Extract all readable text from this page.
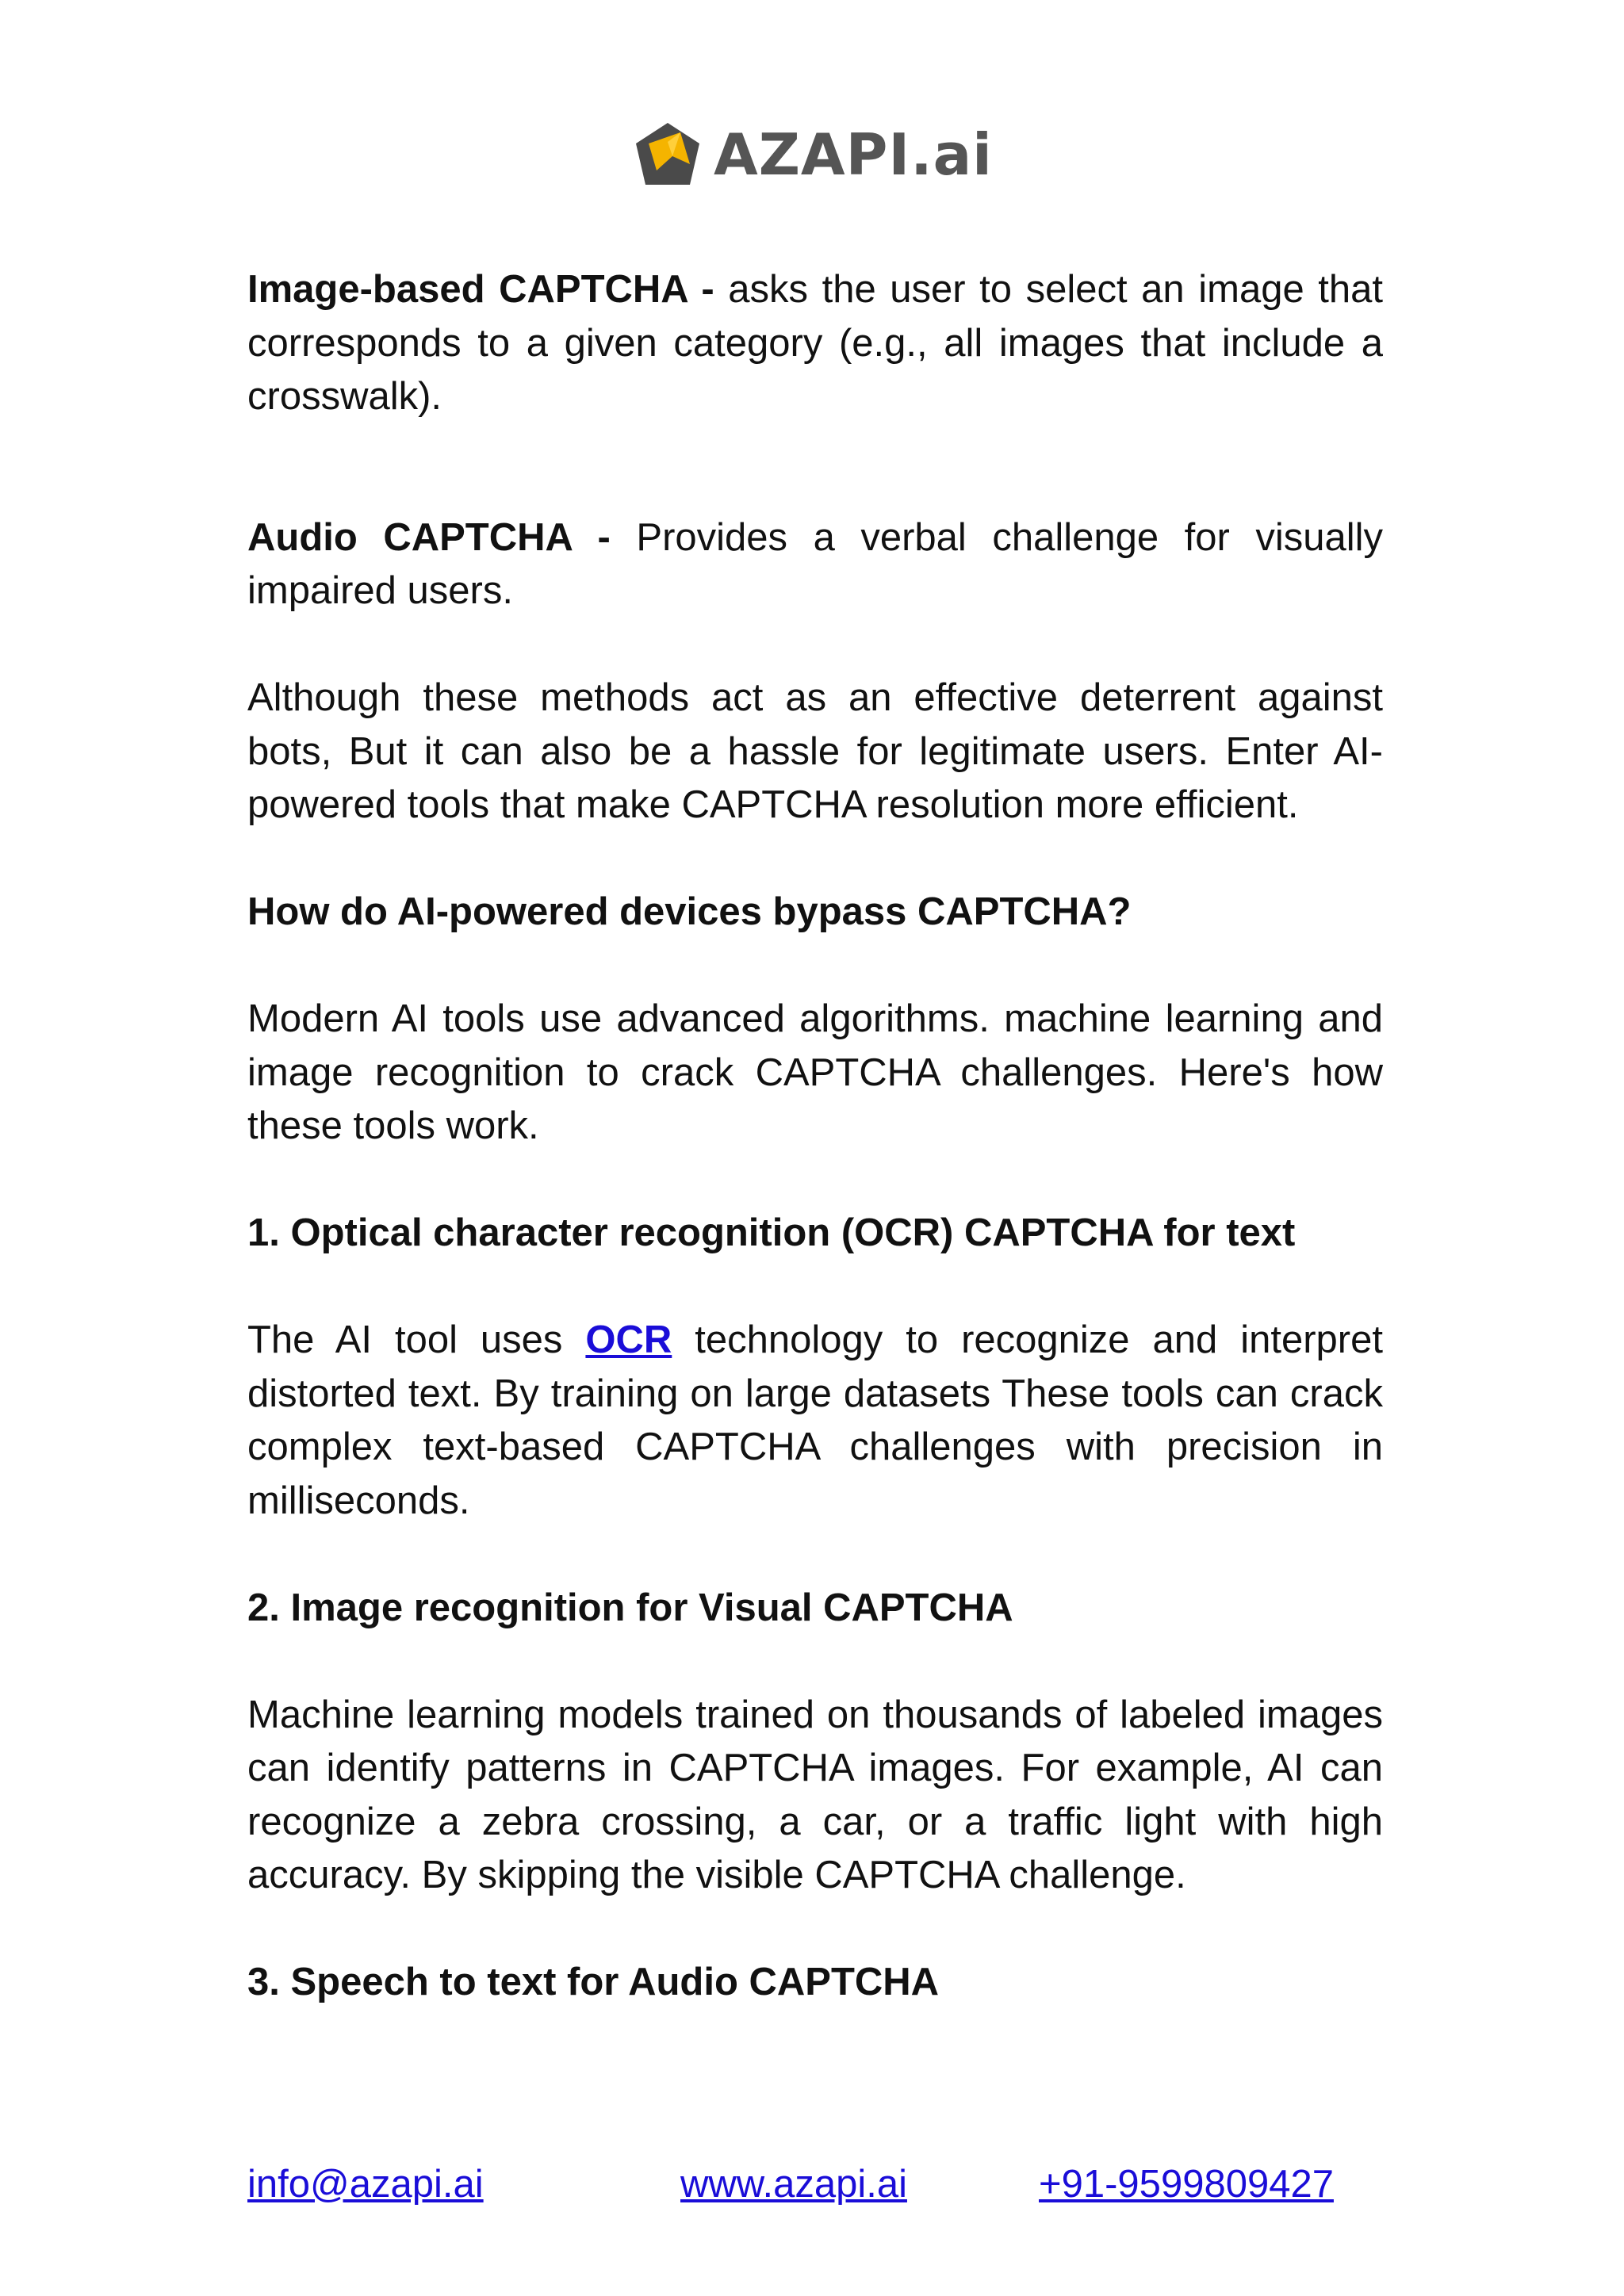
AZAPI.ai

Image-based CAPTCHA - asks the user to select an image that corresponds to a given category (e.g., all images that include a crosswalk).

Audio CAPTCHA - Provides a verbal challenge for visually impaired users.

Although these methods act as an effective deterrent against bots, But it can also be a hassle for legitimate users. Enter AI-powered tools that make CAPTCHA resolution more efficient.

How do AI-powered devices bypass CAPTCHA?

Modern AI tools use advanced algorithms. machine learning and image recognition to crack CAPTCHA challenges. Here's how these tools work.

1. Optical character recognition (OCR) CAPTCHA for text

The AI tool uses OCR technology to recognize and interpret distorted text. By training on large datasets These tools can crack complex text-based CAPTCHA challenges with precision in milliseconds.

2. Image recognition for Visual CAPTCHA

Machine learning models trained on thousands of labeled images can identify patterns in CAPTCHA images. For example, AI can recognize a zebra crossing, a car, or a traffic light with high accuracy. By skipping the visible CAPTCHA challenge.

3. Speech to text for Audio CAPTCHA

info@azapi.ai	www.azapi.ai	+91-9599809427
